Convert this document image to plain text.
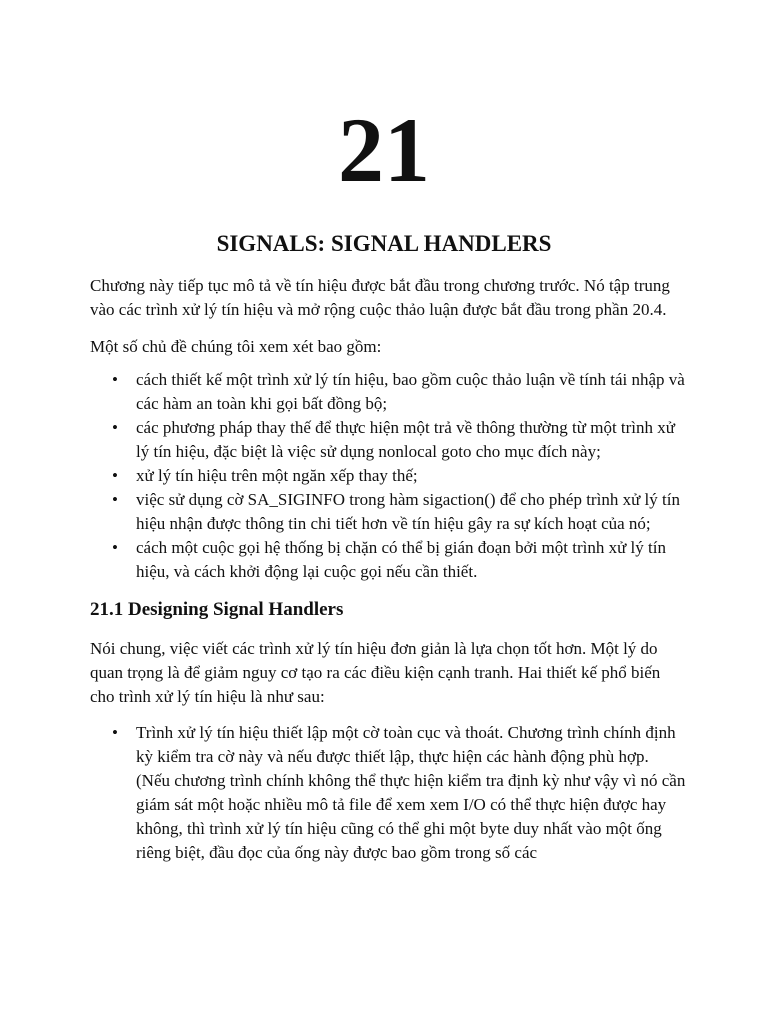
21
SIGNALS: SIGNAL HANDLERS

Chương này tiếp tục mô tả về tín hiệu được bắt đầu trong chương trước. Nó tập trung vào các trình xử lý tín hiệu và mở rộng cuộc thảo luận được bắt đầu trong phần 20.4.

Một số chủ đề chúng tôi xem xét bao gồm:

• cách thiết kế một trình xử lý tín hiệu, bao gồm cuộc thảo luận về tính tái nhập và các hàm an toàn khi gọi bất đồng bộ;
• các phương pháp thay thế để thực hiện một trả về thông thường từ một trình xử lý tín hiệu, đặc biệt là việc sử dụng nonlocal goto cho mục đích này;
• xử lý tín hiệu trên một ngăn xếp thay thế;
• việc sử dụng cờ SA_SIGINFO trong hàm sigaction() để cho phép trình xử lý tín hiệu nhận được thông tin chi tiết hơn về tín hiệu gây ra sự kích hoạt của nó;
• cách một cuộc gọi hệ thống bị chặn có thể bị gián đoạn bởi một trình xử lý tín hiệu, và cách khởi động lại cuộc gọi nếu cần thiết.

21.1 Designing Signal Handlers

Nói chung, việc viết các trình xử lý tín hiệu đơn giản là lựa chọn tốt hơn. Một lý do quan trọng là để giảm nguy cơ tạo ra các điều kiện cạnh tranh. Hai thiết kế phổ biến cho trình xử lý tín hiệu là như sau:

• Trình xử lý tín hiệu thiết lập một cờ toàn cục và thoát. Chương trình chính định kỳ kiểm tra cờ này và nếu được thiết lập, thực hiện các hành động phù hợp. (Nếu chương trình chính không thể thực hiện kiểm tra định kỳ như vậy vì nó cần giám sát một hoặc nhiều mô tả file để xem xem I/O có thể thực hiện được hay không, thì trình xử lý tín hiệu cũng có thể ghi một byte duy nhất vào một ống riêng biệt, đầu đọc của ống này được bao gồm trong số các
